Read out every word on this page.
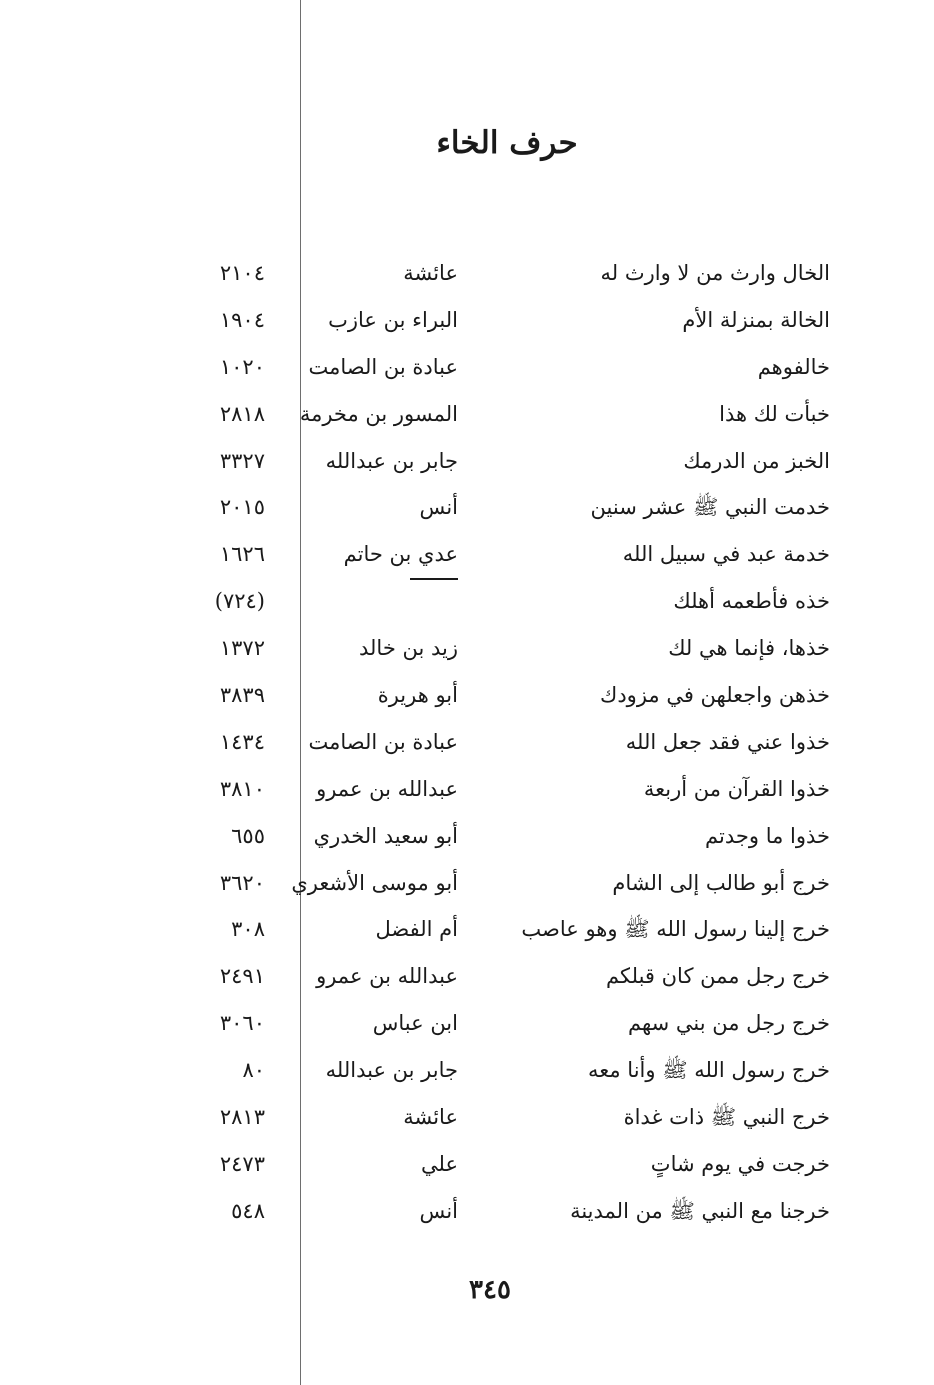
حرف الخاء
الخال وارث من لا وارث له
عائشة
٢١٠٤
الخالة بمنزلة الأم
البراء بن عازب
١٩٠٤
خالفوهم
عبادة بن الصامت
١٠٢٠
خبأت لك هذا
المسور بن مخرمة
٢٨١٨
الخبز من الدرمك
جابر بن عبدالله
٣٣٢٧
خدمت النبي ﷺ عشر سنين
أنس
٢٠١٥
خدمة عبد في سبيل الله
عدي بن حاتم
١٦٢٦
خذه فأطعمه أهلك
(٧٢٤)
خذها، فإنما هي لك
زيد بن خالد
١٣٧٢
خذهن واجعلهن في مزودك
أبو هريرة
٣٨٣٩
خذوا عني فقد جعل الله
عبادة بن الصامت
١٤٣٤
خذوا القرآن من أربعة
عبدالله بن عمرو
٣٨١٠
خذوا ما وجدتم
أبو سعيد الخدري
٦٥٥
خرج أبو طالب إلى الشام
أبو موسى الأشعري
٣٦٢٠
خرج إلينا رسول الله ﷺ وهو عاصب
أم الفضل
٣٠٨
خرج رجل ممن كان قبلكم
عبدالله بن عمرو
٢٤٩١
خرج رجل من بني سهم
ابن عباس
٣٠٦٠
خرج رسول الله ﷺ وأنا معه
جابر بن عبدالله
٨٠
خرج النبي ﷺ ذات غداة
عائشة
٢٨١٣
خرجت في يوم شاتٍ
علي
٢٤٧٣
خرجنا مع النبي ﷺ من المدينة
أنس
٥٤٨
٣٤٥
